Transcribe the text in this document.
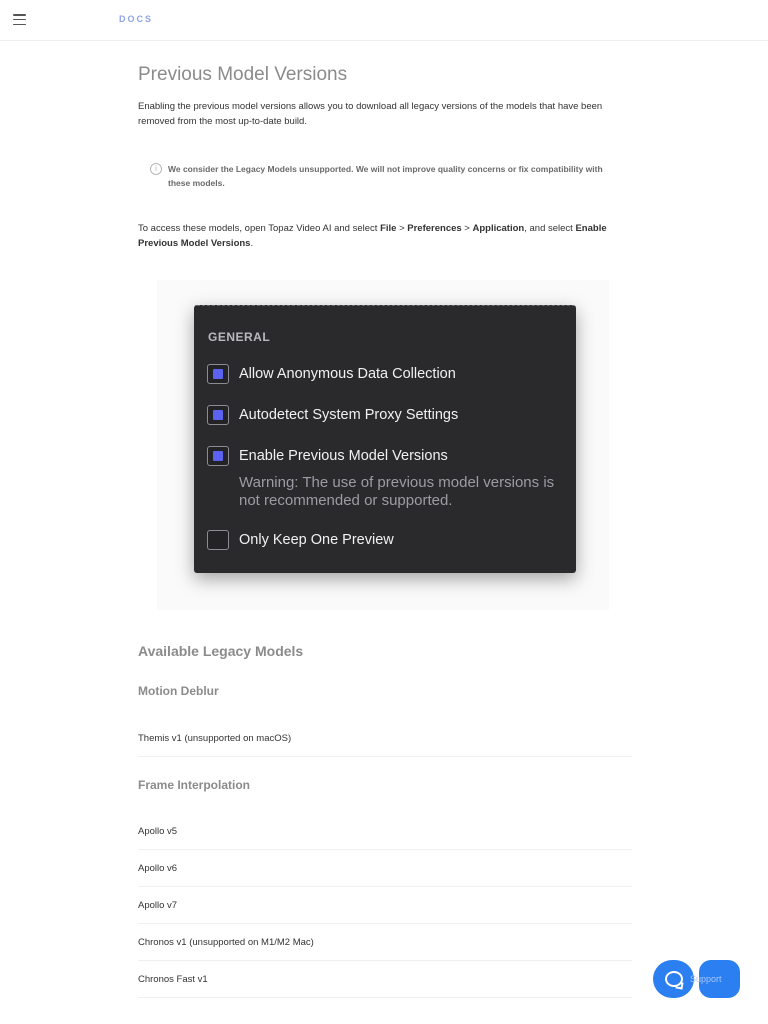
DOCS
Previous Model Versions

Enabling the previous model versions allows you to download all legacy versions of the models that have been removed from the most up-to-date build.

i	We consider the Legacy Models unsupported. We will not improve quality concerns or fix compatibility with these models.

To access these models, open Topaz Video AI and select File > Preferences > Application, and select Enable Previous Model Versions.

GENERAL
Allow Anonymous Data Collection
Autodetect System Proxy Settings
Enable Previous Model Versions
Warning: The use of previous model versions is not recommended or supported.
Only Keep One Preview
Available Legacy Models
Motion Deblur
Themis v1 (unsupported on macOS)
Frame Interpolation
Apollo v5
Apollo v6
Apollo v7
Chronos v1 (unsupported on M1/M2 Mac)
Chronos Fast v1	Support
